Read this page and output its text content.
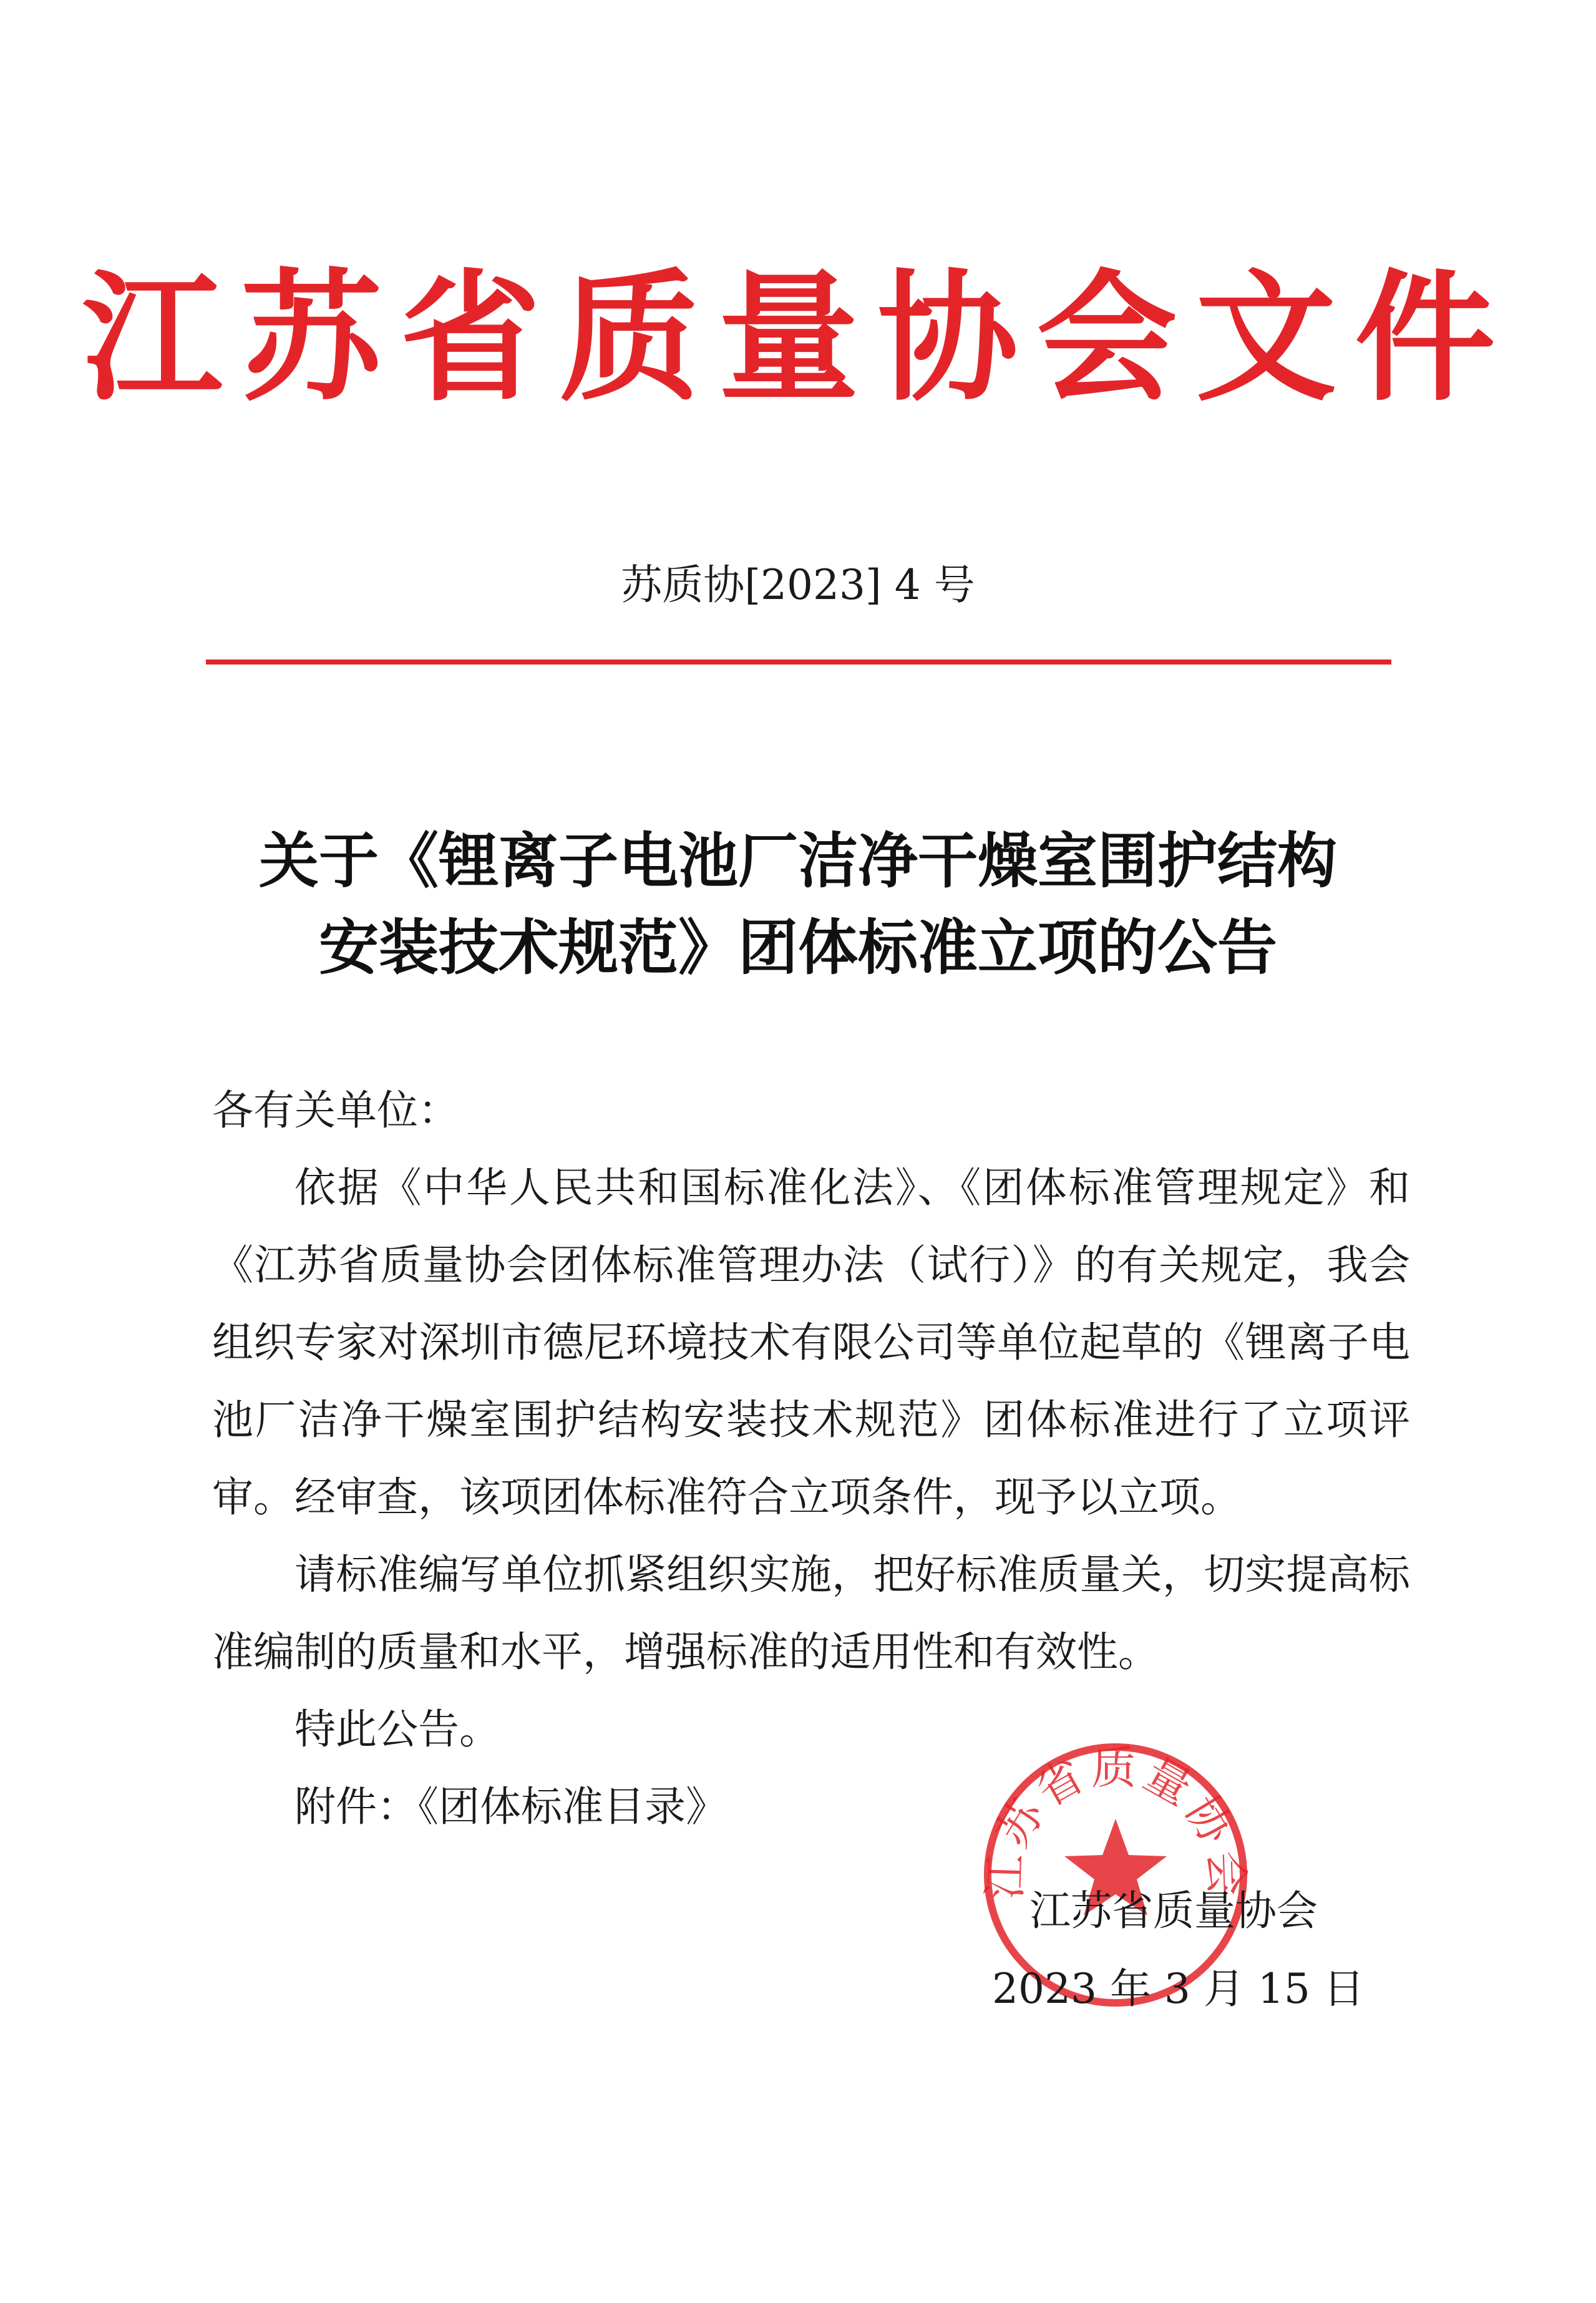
江苏省质量协会文件
苏质协[2023] 4 号
关于《锂离子电池厂洁净干燥室围护结构
安装技术规范》团体标准立项的公告

各有关单位：

依据《中华人民共和国标准化法》、《团体标准管理规定》和《江苏省质量协会团体标准管理办法（试行）》的有关规定，我会组织专家对深圳市德尼环境技术有限公司等单位起草的《锂离子电池厂洁净干燥室围护结构安装技术规范》团体标准进行了立项评审。经审查，该项团体标准符合立项条件，现予以立项。

请标准编写单位抓紧组织实施，把好标准质量关，切实提高标准编制的质量和水平，增强标准的适用性和有效性。

特此公告。

附件：《团体标准目录》

江苏省质量协会
江苏省质量协会
2023 年 3 月 15 日
